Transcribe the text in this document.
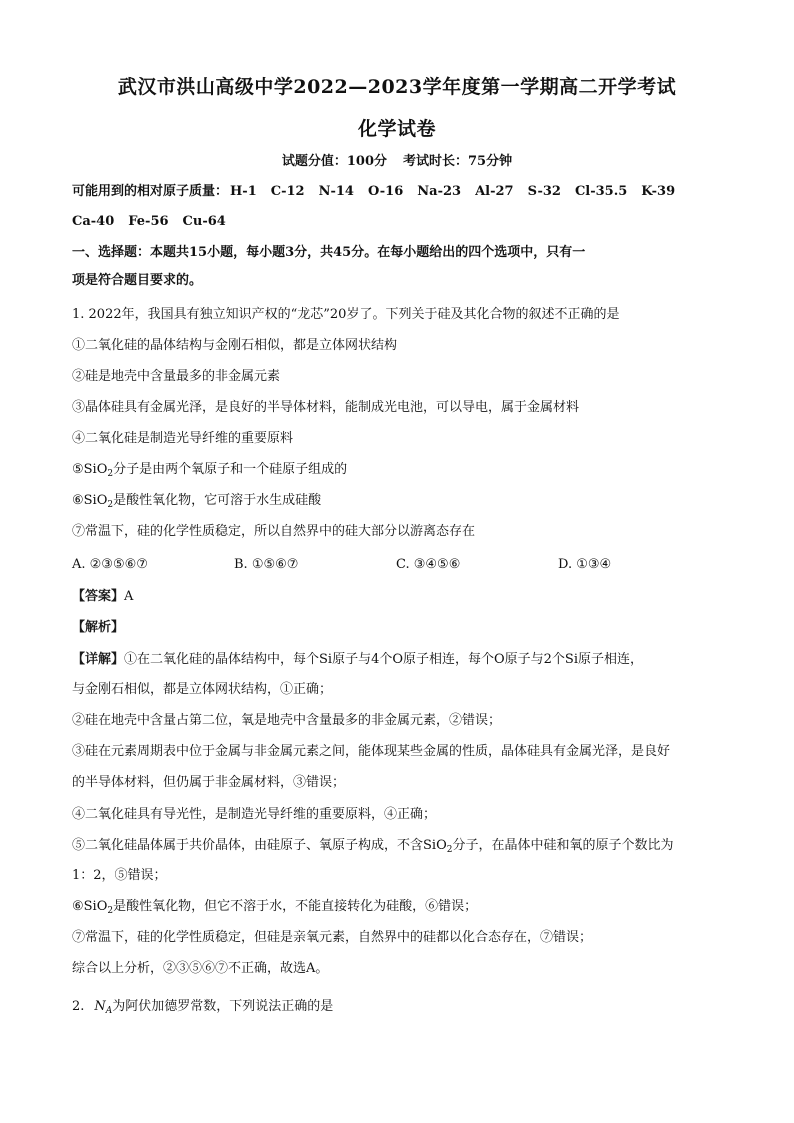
武汉市洪山高级中学2022—2023学年度第一学期高二开学考试
化学试卷
试题分值：100分 考试时长：75分钟
可能用到的相对原子质量： H-1 C-12 N-14 O-16 Na-23 Al-27 S-32 Cl-35.5 K-39
Ca-40 Fe-56 Cu-64
一、选择题：本题共15小题，每小题3分，共45分。在每小题给出的四个选项中，只有一
项是符合题目要求的。
1. 2022年，我国具有独立知识产权的“龙芯”20岁了。下列关于硅及其化合物的叙述不正确的是
①二氧化硅的晶体结构与金刚石相似，都是立体网状结构
②硅是地壳中含量最多的非金属元素
③晶体硅具有金属光泽，是良好的半导体材料，能制成光电池，可以导电，属于金属材料
④二氧化硅是制造光导纤维的重要原料
⑤SiO$_2$分子是由两个氧原子和一个硅原子组成的
⑥SiO$_2$是酸性氧化物，它可溶于水生成硅酸
⑦常温下，硅的化学性质稳定，所以自然界中的硅大部分以游离态存在
A. ②③⑤⑥⑦	B. ①⑤⑥⑦	C. ③④⑤⑥	D. ①③④
【答案】A
【解析】
【详解】①在二氧化硅的晶体结构中，每个Si原子与4个O原子相连，每个O原子与2个Si原子相连，
与金刚石相似，都是立体网状结构，①正确；
②硅在地壳中含量占第二位，氧是地壳中含量最多的非金属元素，②错误；
③硅在元素周期表中位于金属与非金属元素之间，能体现某些金属的性质，晶体硅具有金属光泽，是良好
的半导体材料，但仍属于非金属材料，③错误；
④二氧化硅具有导光性，是制造光导纤维的重要原料，④正确；
⑤二氧化硅晶体属于共价晶体，由硅原子、氧原子构成，不含SiO$_2$分子，在晶体中硅和氧的原子个数比为
1：2，⑤错误；
⑥SiO$_2$是酸性氧化物，但它不溶于水，不能直接转化为硅酸，⑥错误；
⑦常温下，硅的化学性质稳定，但硅是亲氧元素，自然界中的硅都以化合态存在，⑦错误；
综合以上分析，②③⑤⑥⑦不正确，故选A。
2. $N_A$为阿伏加德罗常数，下列说法正确的是
